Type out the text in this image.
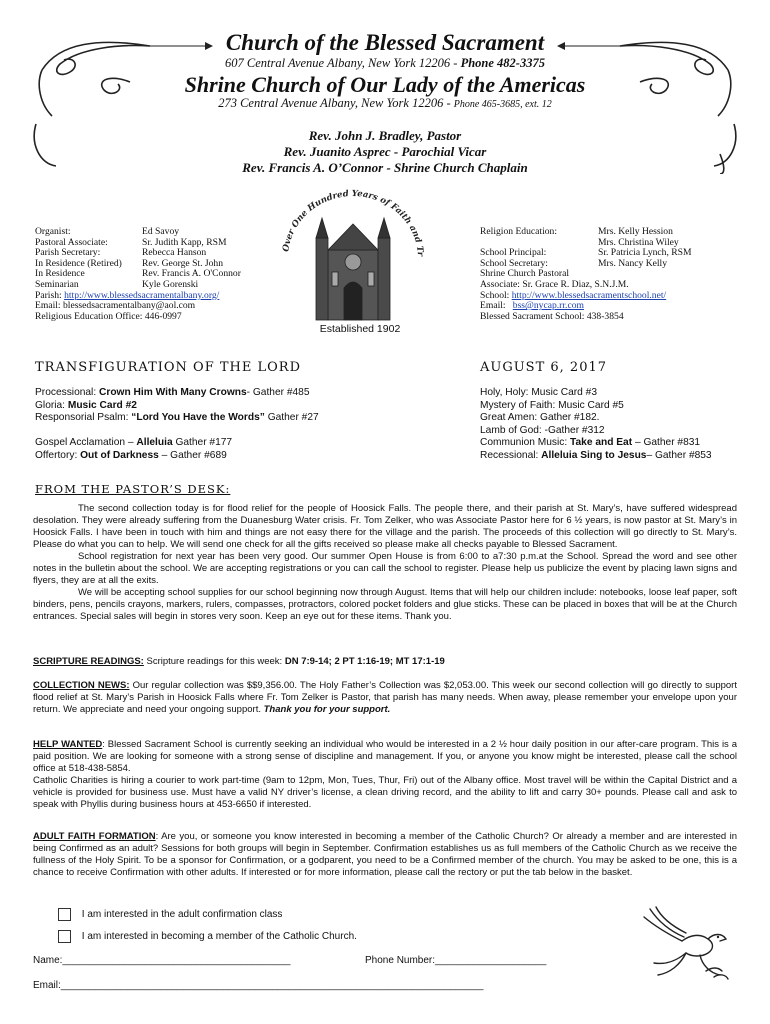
Church of the Blessed Sacrament
607 Central Avenue Albany, New York 12206 - Phone 482-3375
Shrine Church of Our Lady of the Americas
273 Central Avenue Albany, New York 12206 - Phone 465-3685, ext. 12
Rev. John J. Bradley, Pastor
Rev. Juanito Asprec - Parochial Vicar
Rev. Francis A. O’Connor - Shrine Church Chaplain
Organist:	Ed Savoy
Pastoral Associate:	Sr. Judith Kapp, RSM
Parish Secretary:	Rebecca Hanson
In Residence (Retired)	Rev. George St. John
In Residence	Rev. Francis A. O'Connor
Seminarian	Kyle Gorenski
Parish: http://www.blessedsacramentalbany.org/
Email: blessedsacramentalbany@aol.com
Religious Education Office: 446-0997
Over One Hundred Years of Faith and Tr
Established 1902
Religion Education:	Mrs. Kelly Hession
Mrs. Christina Wiley
School Principal:	Sr. Patricia Lynch, RSM
School Secretary:	Mrs. Nancy Kelly
Shrine Church Pastoral
Associate: Sr. Grace R. Diaz, S.N.J.M.
School: http://www.blessedsacramentschool.net/
Email:   bss@nycap.rr.com
Blessed Sacrament School: 438-3854
TRANSFIGURATION OF THE LORD	AUGUST 6, 2017
Processional: Crown Him With Many Crowns- Gather #485
Gloria: Music Card #2
Responsorial Psalm: “Lord You Have the Words” Gather #27
Gospel Acclamation – Alleluia Gather #177
Offertory: Out of Darkness – Gather #689
Holy, Holy: Music Card #3
Mystery of Faith: Music Card #5
Great Amen: Gather #182.
Lamb of God: -Gather #312
Communion Music: Take and Eat – Gather #831
Recessional: Alleluia Sing to Jesus– Gather #853
FROM THE PASTOR’S DESK:

The second collection today is for flood relief for the people of Hoosick Falls. The people there, and their parish at St. Mary’s, have suffered widespread desolation. They were already suffering from the Duanesburg Water crisis. Fr. Tom Zelker, who was Associate Pastor here for 6 ½ years, is now pastor at St. Mary’s in Hoosick Falls. I have been in touch with him and things are not easy there for the village and the parish. The proceeds of this collection will go directly to St. Mary’s. Please do what you can to help. We will send one check for all the gifts received so please make all checks payable to Blessed Sacrament.

School registration for next year has been very good. Our summer Open House is from 6:00 to a7:30 p.m.at the School. Spread the word and see other notes in the bulletin about the school. We are accepting registrations or you can call the school to register. Please help us publicize the event by placing lawn signs and flyers, they are at all the exits.

We will be accepting school supplies for our school beginning now through August. Items that will help our children include: notebooks, loose leaf paper, soft binders, pens, pencils crayons, markers, rulers, compasses, protractors, colored pocket folders and glue sticks. These can be placed in boxes that will be at the Church entrances. Special sales will begin in stores very soon. Keep an eye out for these items. Thank you.

SCRIPTURE READINGS: Scripture readings for this week: DN 7:9-14; 2 PT 1:16-19; MT 17:1-19
COLLECTION NEWS: Our regular collection was $$9,356.00. The Holy Father’s Collection was $2,053.00. This week our second collection will go directly to support flood relief at St. Mary’s Parish in Hoosick Falls where Fr. Tom Zelker is Pastor, that parish has many needs. When away, please remember your envelope upon your return. We appreciate and need your ongoing support. Thank you for your support.

HELP WANTED: Blessed Sacrament School is currently seeking an individual who would be interested in a 2 ½ hour daily position in our after-care program. This is a paid position. We are looking for someone with a strong sense of discipline and management. If you, or anyone you know might be interested, please call the school office at 518-438-5854.

Catholic Charities is hiring a courier to work part-time (9am to 12pm, Mon, Tues, Thur, Fri) out of the Albany office. Most travel will be within the Capital District and a vehicle is provided for business use. Must have a valid NY driver’s license, a clean driving record, and the ability to lift and carry 30+ pounds. Please call and ask to speak with Phyllis during business hours at 453-6650 if interested.

ADULT FAITH FORMATION: Are you, or someone you know interested in becoming a member of the Catholic Church? Or already a member and are interested in being Confirmed as an adult? Sessions for both groups will begin in September. Confirmation establishes us as full members of the Catholic Church as we receive the fullness of the Holy Spirit. To be a sponsor for Confirmation, or a godparent, you need to be a Confirmed member of the church. You may be asked to be one, this is a chance to receive Confirmation with other adults. If interested or for more information, please call the rectory or put the tab below in the basket.
I am interested in the adult confirmation class
I am interested in becoming a member of the Catholic Church.
Name:_________________________________________	Phone Number:____________________
Email:____________________________________________________________________________
